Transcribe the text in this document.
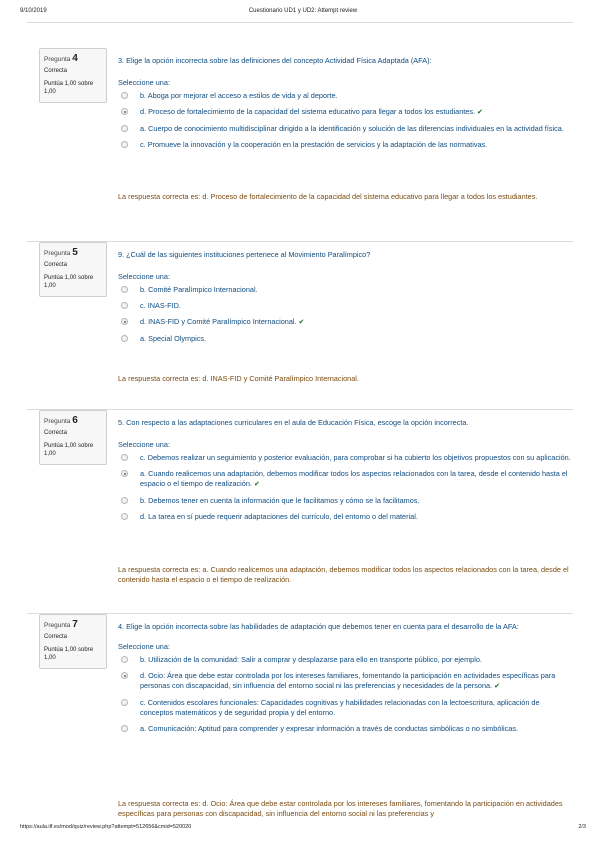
9/10/2019	Cuestionario UD1 y UD2: Attempt review
Pregunta 4
Correcta
Puntúa 1,00 sobre 1,00
3. Elige la opción incorrecta sobre las definiciones del concepto Actividad Física Adaptada (AFA):
Seleccione una:
b. Aboga por mejorar el acceso a estilos de vida y al deporte.
d. Proceso de fortalecimiento de la capacidad del sistema educativo para llegar a todos los estudiantes. ✔
a. Cuerpo de conocimiento multidisciplinar dirigido a la identificación y solución de las diferencias individuales en la actividad física.
c. Promueve la innovación y la cooperación en la prestación de servicios y la adaptación de las normativas.
La respuesta correcta es: d. Proceso de fortalecimiento de la capacidad del sistema educativo para llegar a todos los estudiantes.
Pregunta 5
Correcta
Puntúa 1,00 sobre 1,00
9. ¿Cuál de las siguientes instituciones pertenece al Movimiento Paralímpico?
Seleccione una:
b. Comité Paralímpico Internacional.
c. INAS-FID.
d. INAS-FID y Comité Paralímpico Internacional. ✔
a. Special Olympics.
La respuesta correcta es: d. INAS-FID y Comité Paralímpico Internacional.
Pregunta 6
Correcta
Puntúa 1,00 sobre 1,00
5. Con respecto a las adaptaciones curriculares en el aula de Educación Física, escoge la opción incorrecta.
Seleccione una:
c. Debemos realizar un seguimiento y posterior evaluación, para comprobar si ha cubierto los objetivos propuestos con su aplicación.
a. Cuando realicemos una adaptación, debemos modificar todos los aspectos relacionados con la tarea, desde el contenido hasta el espacio o el tiempo de realización. ✔
b. Debemos tener en cuenta la información que le facilitamos y cómo se la facilitamos.
d. La tarea en sí puede requerir adaptaciones del currículo, del entorno o del material.
La respuesta correcta es: a. Cuando realicemos una adaptación, debemos modificar todos los aspectos relacionados con la tarea, desde el contenido hasta el espacio o el tiempo de realización.
Pregunta 7
Correcta
Puntúa 1,00 sobre 1,00
4. Elige la opción incorrecta sobre las habilidades de adaptación que debemos tener en cuenta para el desarrollo de la AFA:
Seleccione una:
b. Utilización de la comunidad: Salir a comprar y desplazarse para ello en transporte público, por ejemplo.
d. Ocio: Área que debe estar controlada por los intereses familiares, fomentando la participación en actividades específicas para personas con discapacidad, sin influencia del entorno social ni las preferencias y necesidades de la persona. ✔
c. Contenidos escolares funcionales: Capacidades cognitivas y habilidades relacionadas con la lectoescritura, aplicación de conceptos matemáticos y de seguridad propia y del entorno.
a. Comunicación: Aptitud para comprender y expresar información a través de conductas simbólicas o no simbólicas.
La respuesta correcta es: d. Ocio: Área que debe estar controlada por los intereses familiares, fomentando la participación en actividades específicas para personas con discapacidad, sin influencia del entorno social ni las preferencias y
https://aula.ilf.es/mod/quiz/review.php?attempt=512656&cmid=520020	2/3
